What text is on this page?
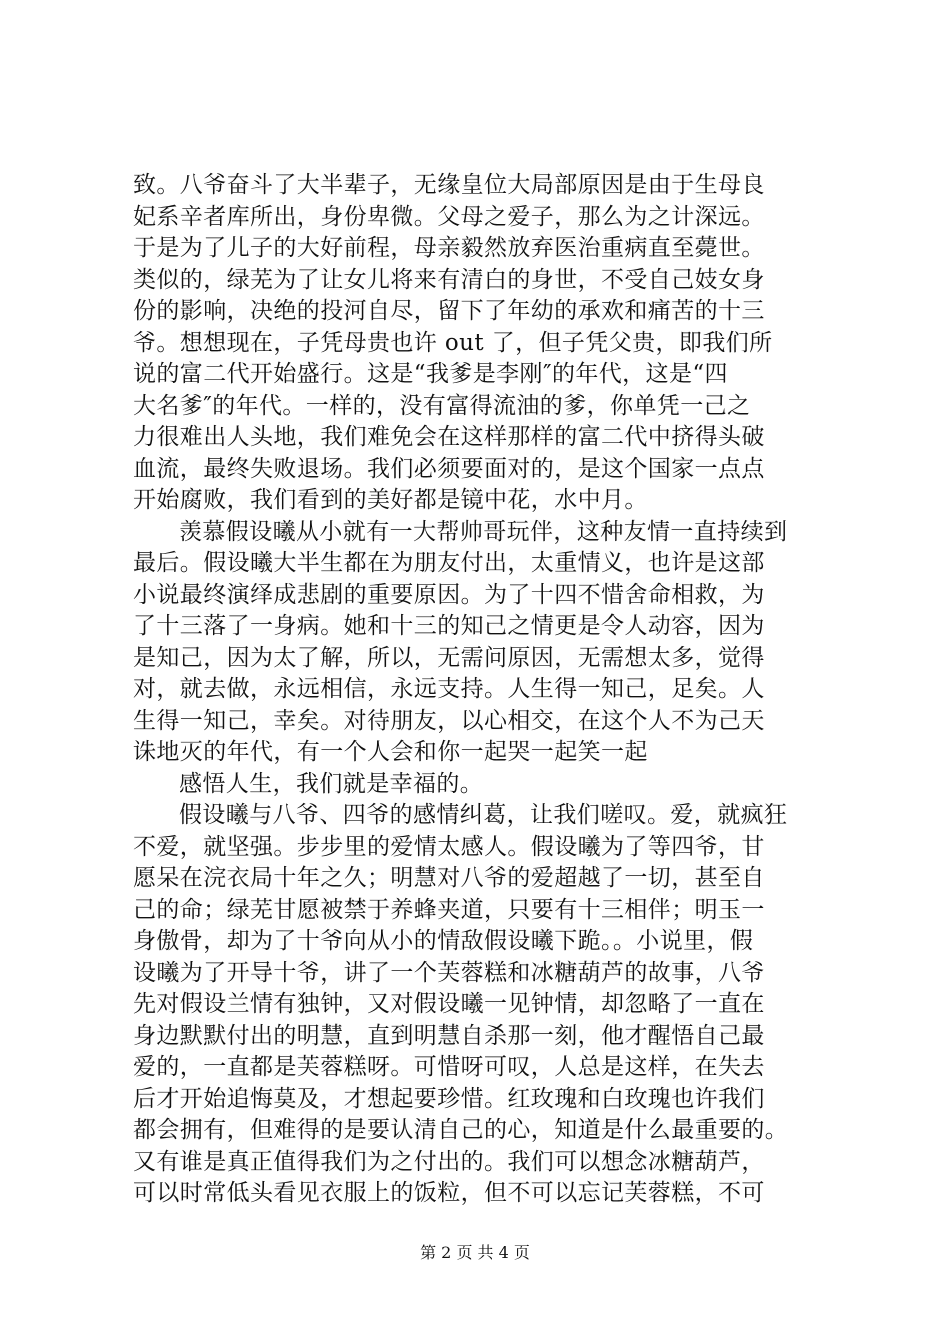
致。八爷奋斗了大半辈子，无缘皇位大局部原因是由于生母良
妃系辛者库所出，身份卑微。父母之爱子，那么为之计深远。
于是为了儿子的大好前程，母亲毅然放弃医治重病直至薨世。
类似的，绿芜为了让女儿将来有清白的身世，不受自己妓女身
份的影响，决绝的投河自尽，留下了年幼的承欢和痛苦的十三
爷。想想现在，子凭母贵也许 out 了，但子凭父贵，即我们所
说的富二代开始盛行。这是“我爹是李刚″的年代，这是“四
大名爹″的年代。一样的，没有富得流油的爹，你单凭一己之
力很难出人头地，我们难免会在这样那样的富二代中挤得头破
血流，最终失败退场。我们必须要面对的，是这个国家一点点
开始腐败，我们看到的美好都是镜中花，水中月。
羡慕假设曦从小就有一大帮帅哥玩伴，这种友情一直持续到
最后。假设曦大半生都在为朋友付出，太重情义，也许是这部
小说最终演绎成悲剧的重要原因。为了十四不惜舍命相救，为
了十三落了一身病。她和十三的知己之情更是令人动容，因为
是知己，因为太了解，所以，无需问原因，无需想太多，觉得
对，就去做，永远相信，永远支持。人生得一知己，足矣。人
生得一知己，幸矣。对待朋友，以心相交，在这个人不为己天
诛地灭的年代，有一个人会和你一起哭一起笑一起
感悟人生，我们就是幸福的。
假设曦与八爷、四爷的感情纠葛，让我们嗟叹。爱，就疯狂
不爱，就坚强。步步里的爱情太感人。假设曦为了等四爷，甘
愿呆在浣衣局十年之久；明慧对八爷的爱超越了一切，甚至自
己的命；绿芜甘愿被禁于养蜂夹道，只要有十三相伴；明玉一
身傲骨，却为了十爷向从小的情敌假设曦下跪。。小说里，假
设曦为了开导十爷，讲了一个芙蓉糕和冰糖葫芦的故事，八爷
先对假设兰情有独钟，又对假设曦一见钟情，却忽略了一直在
身边默默付出的明慧，直到明慧自杀那一刻，他才醒悟自己最
爱的，一直都是芙蓉糕呀。可惜呀可叹，人总是这样，在失去
后才开始追悔莫及，才想起要珍惜。红玫瑰和白玫瑰也许我们
都会拥有，但难得的是要认清自己的心，知道是什么最重要的。
又有谁是真正值得我们为之付出的。我们可以想念冰糖葫芦，
可以时常低头看见衣服上的饭粒，但不可以忘记芙蓉糕，不可
第 2 页 共 4 页
